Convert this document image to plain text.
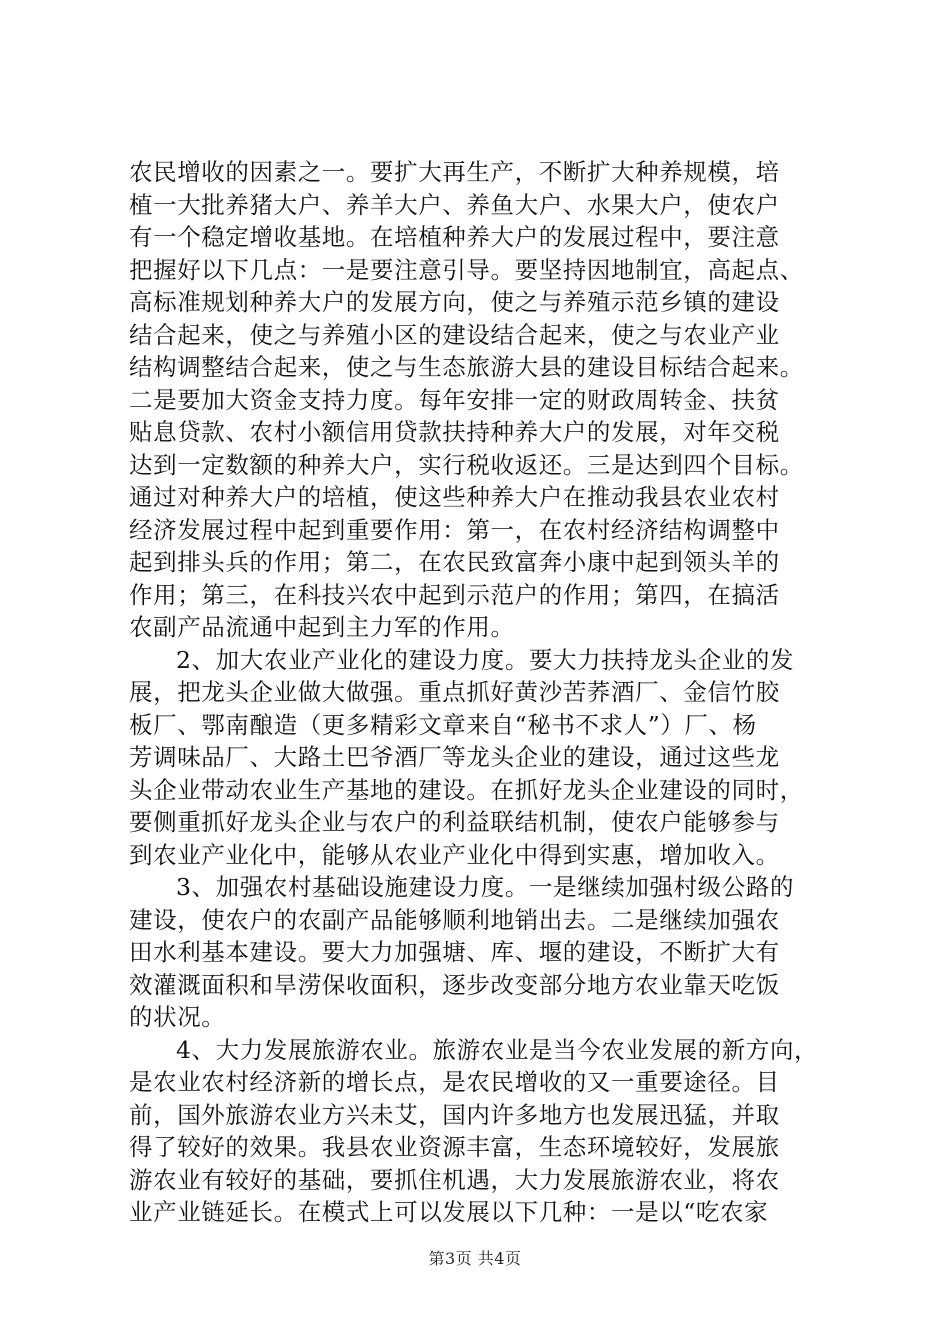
农民增收的因素之一。要扩大再生产，不断扩大种养规模，培
植一大批养猪大户、养羊大户、养鱼大户、水果大户，使农户
有一个稳定增收基地。在培植种养大户的发展过程中，要注意
把握好以下几点：一是要注意引导。要坚持因地制宜，高起点、
高标准规划种养大户的发展方向，使之与养殖示范乡镇的建设
结合起来，使之与养殖小区的建设结合起来，使之与农业产业
结构调整结合起来，使之与生态旅游大县的建设目标结合起来。
二是要加大资金支持力度。每年安排一定的财政周转金、扶贫
贴息贷款、农村小额信用贷款扶持种养大户的发展，对年交税
达到一定数额的种养大户，实行税收返还。三是达到四个目标。
通过对种养大户的培植，使这些种养大户在推动我县农业农村
经济发展过程中起到重要作用：第一，在农村经济结构调整中
起到排头兵的作用；第二，在农民致富奔小康中起到领头羊的
作用；第三，在科技兴农中起到示范户的作用；第四，在搞活
农副产品流通中起到主力军的作用。
2、加大农业产业化的建设力度。要大力扶持龙头企业的发
展，把龙头企业做大做强。重点抓好黄沙苦荞酒厂、金信竹胶
板厂、鄂南酿造（更多精彩文章来自“秘书不求人”）厂、杨
芳调味品厂、大路土巴爷酒厂等龙头企业的建设，通过这些龙
头企业带动农业生产基地的建设。在抓好龙头企业建设的同时，
要侧重抓好龙头企业与农户的利益联结机制，使农户能够参与
到农业产业化中，能够从农业产业化中得到实惠，增加收入。
3、加强农村基础设施建设力度。一是继续加强村级公路的
建设，使农户的农副产品能够顺利地销出去。二是继续加强农
田水利基本建设。要大力加强塘、库、堰的建设，不断扩大有
效灌溉面积和旱涝保收面积，逐步改变部分地方农业靠天吃饭
的状况。
4、大力发展旅游农业。旅游农业是当今农业发展的新方向，
是农业农村经济新的增长点，是农民增收的又一重要途径。目
前，国外旅游农业方兴未艾，国内许多地方也发展迅猛，并取
得了较好的效果。我县农业资源丰富，生态环境较好，发展旅
游农业有较好的基础，要抓住机遇，大力发展旅游农业，将农
业产业链延长。在模式上可以发展以下几种：一是以“吃农家
第3页 共4页
